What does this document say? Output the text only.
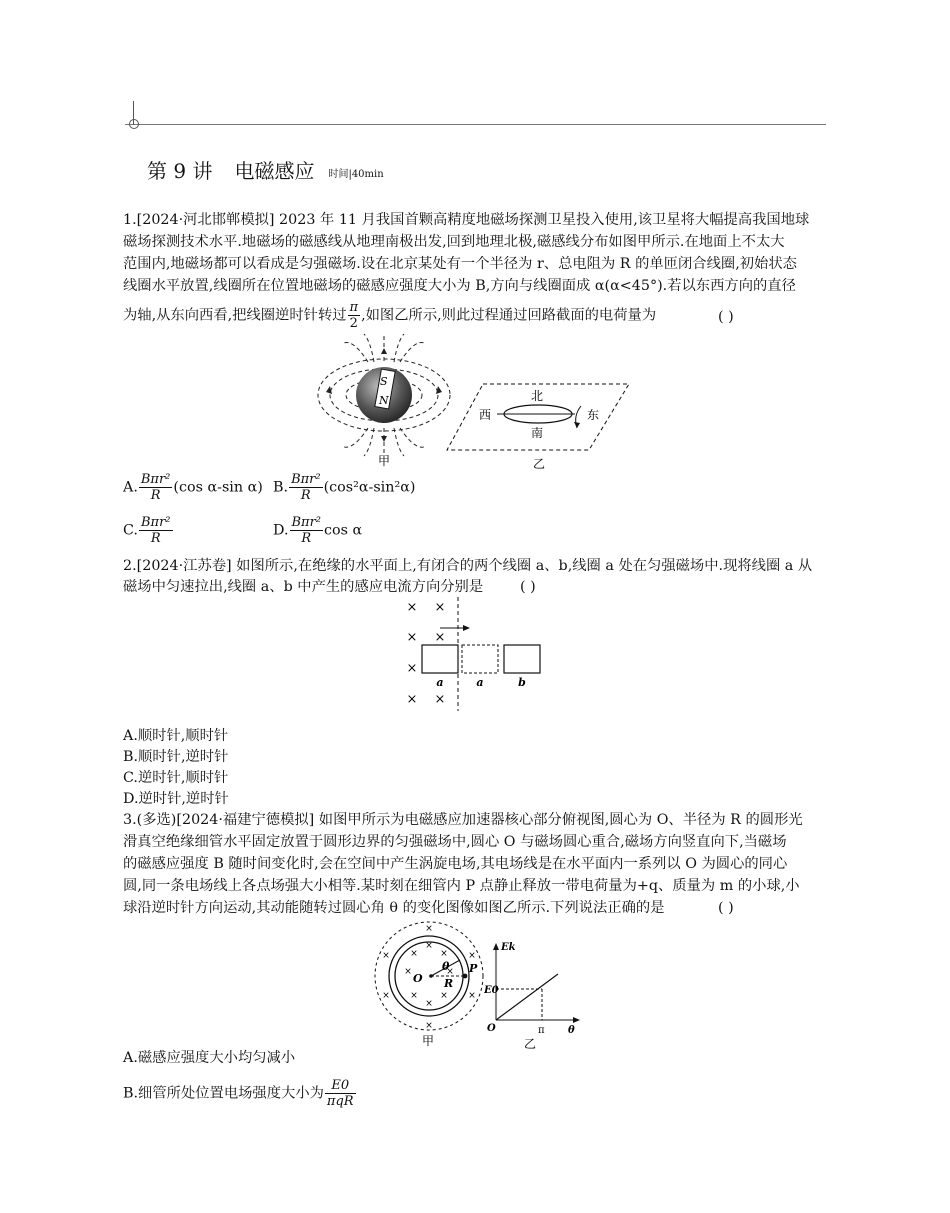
第 9 讲 电磁感应 时间|40min
1.[2024·河北邯郸模拟] 2023 年 11 月我国首颗高精度地磁场探测卫星投入使用,该卫星将大幅提高我国地球
磁场探测技术水平.地磁场的磁感线从地理南极出发,回到地理北极,磁感线分布如图甲所示.在地面上不太大
范围内,地磁场都可以看成是匀强磁场.设在北京某处有一个半径为 r、总电阻为 R 的单匝闭合线圈,初始状态
线圈水平放置,线圈所在位置地磁场的磁感应强度大小为 B,方向与线圈面成 α(α<45°).若以东西方向的直径
为轴,从东向西看,把线圈逆时针转过 $\frac{\pi}{2}$ ,如图乙所示,则此过程通过回路截面的电荷量为	( )
S
N
甲
北
南
西	东
乙
A. $\frac{\text{Bπr²}}{R} (\cos$ α-sin α) B. $\frac{\text{Bπr²}}{R} (\cos^2\alpha-\sin^2\alpha)$
C. $\frac{\text{Bπr²}}{R}$	D. $\frac{\text{Bπr²}}{R}$ cos α
2.[2024·江苏卷] 如图所示,在绝缘的水平面上,有闭合的两个线圈 a、b,线圈 a 处在匀强磁场中.现将线圈 a 从
磁场中匀速拉出,线圈 a、b 中产生的感应电流方向分别是	( )
× ×
× ×
×
× ×
a	a	b
A.顺时针,顺时针
B.顺时针,逆时针
C.逆时针,顺时针
D.逆时针,逆时针
3.(多选)[2024·福建宁德模拟] 如图甲所示为电磁感应加速器核心部分俯视图,圆心为 O、半径为 R 的圆形光
滑真空绝缘细管水平固定放置于圆形边界的匀强磁场中,圆心 O 与磁场圆心重合,磁场方向竖直向下,当磁场
的磁感应强度 B 随时间变化时,会在空间中产生涡旋电场,其电场线是在水平面内一系列以 O 为圆心的同心
圆,同一条电场线上各点场强大小相等.某时刻在细管内 P 点静止释放一带电荷量为+q、质量为 m 的小球,小
球沿逆时针方向运动,其动能随转过圆心角 θ 的变化图像如图乙所示.下列说法正确的是	( )
×
×	×
×	×
×
× ×
×	×
× ×
×
×
O
P
R
θ
甲
Ek
E0
O	θ
π
乙
A.磁感应强度大小均匀减小
B.细管所处位置电场强度大小为 $\frac{E0}{\text{πqR}}$
